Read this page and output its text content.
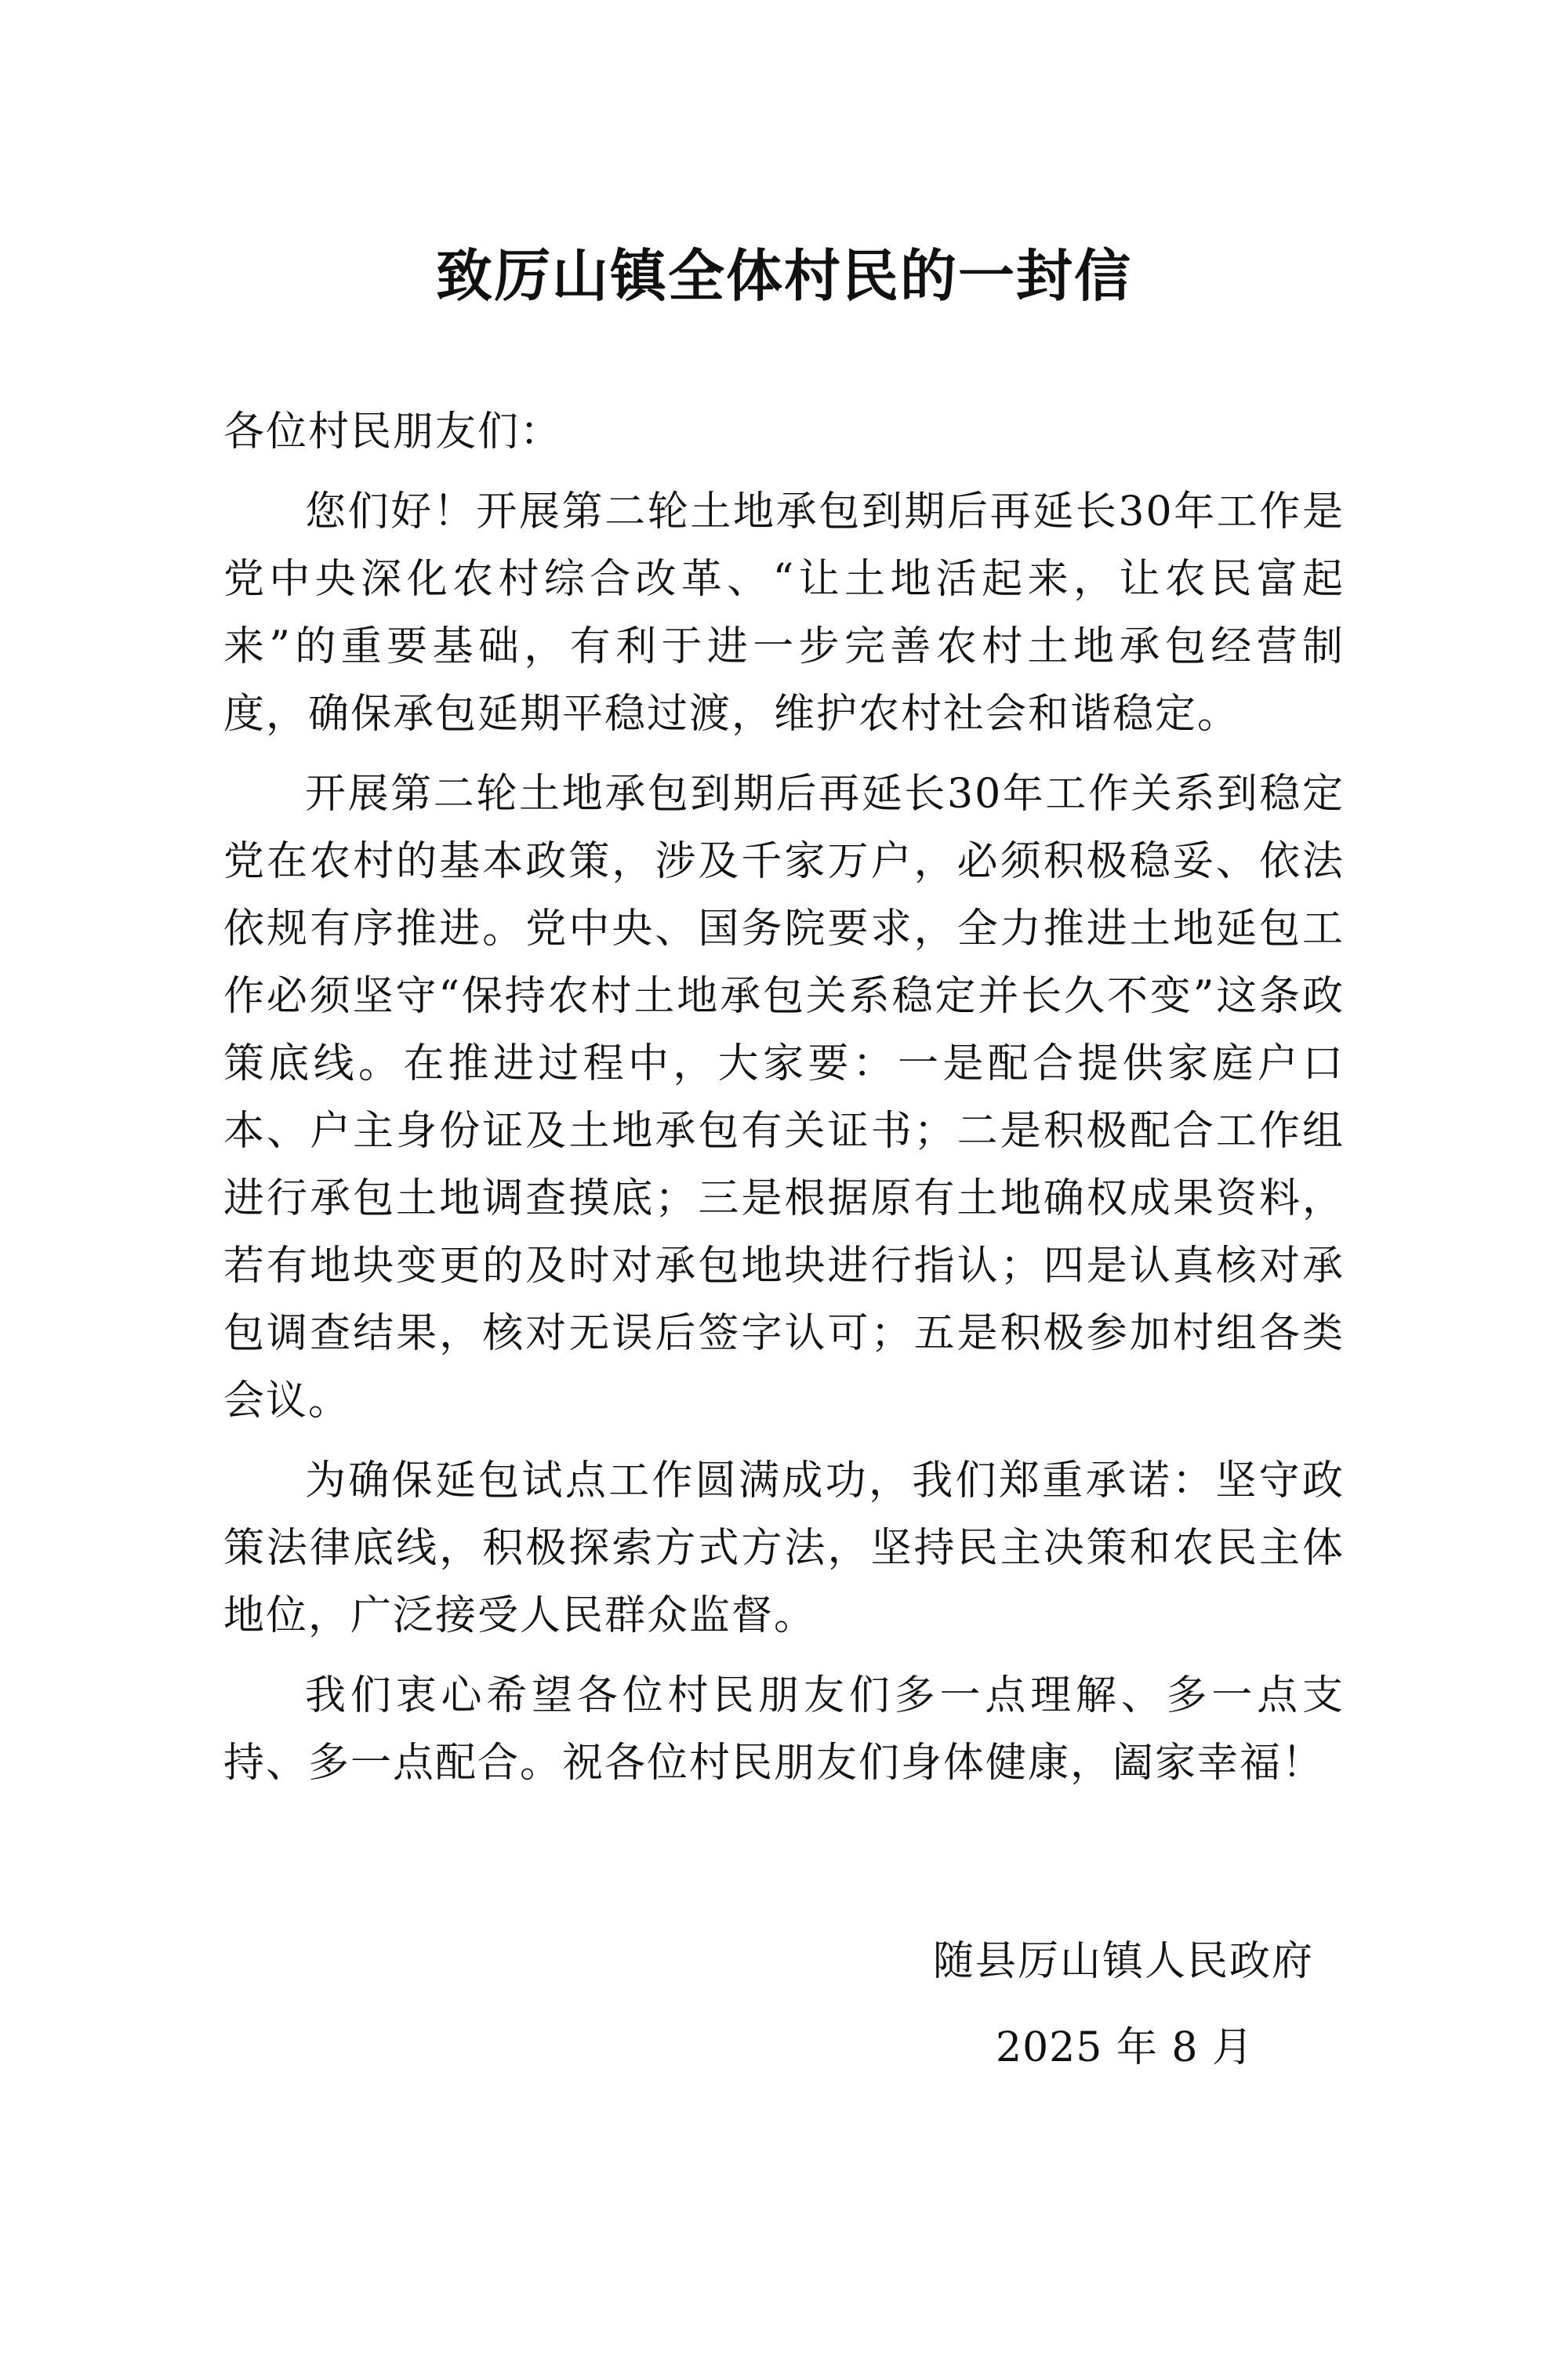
致厉山镇全体村民的一封信

各位村民朋友们：

您们好！开展第二轮土地承包到期后再延长30年工作是党中央深化农村综合改革、“让土地活起来，让农民富起来”的重要基础，有利于进一步完善农村土地承包经营制度，确保承包延期平稳过渡，维护农村社会和谐稳定。

开展第二轮土地承包到期后再延长30年工作关系到稳定党在农村的基本政策，涉及千家万户，必须积极稳妥、依法依规有序推进。党中央、国务院要求，全力推进土地延包工作必须坚守“保持农村土地承包关系稳定并长久不变”这条政策底线。在推进过程中，大家要：一是配合提供家庭户口本、户主身份证及土地承包有关证书；二是积极配合工作组进行承包土地调查摸底；三是根据原有土地确权成果资料，若有地块变更的及时对承包地块进行指认；四是认真核对承包调查结果，核对无误后签字认可；五是积极参加村组各类会议。

为确保延包试点工作圆满成功，我们郑重承诺：坚守政策法律底线，积极探索方式方法，坚持民主决策和农民主体地位，广泛接受人民群众监督。

我们衷心希望各位村民朋友们多一点理解、多一点支持、多一点配合。祝各位村民朋友们身体健康，阖家幸福！

随县厉山镇人民政府
2025 年 8 月
